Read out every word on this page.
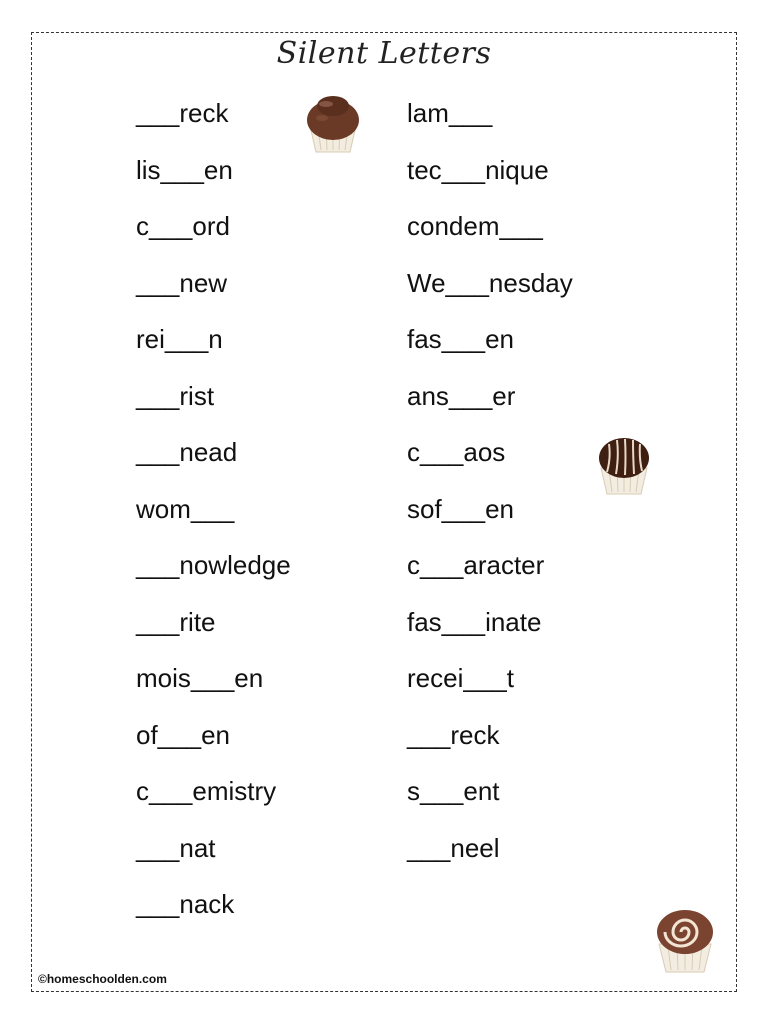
Silent Letters
___reck
lis___en
c___ord
___new
rei___n
___rist
___nead
wom___
___nowledge
___rite
mois___en
of___en
c___emistry
___nat
___nack
lam___
tec___nique
condem___
We___nesday
fas___en
ans___er
c___aos
sof___en
c___aracter
fas___inate
recei___t
___reck
s___ent
___neel
©homeschoolden.com
